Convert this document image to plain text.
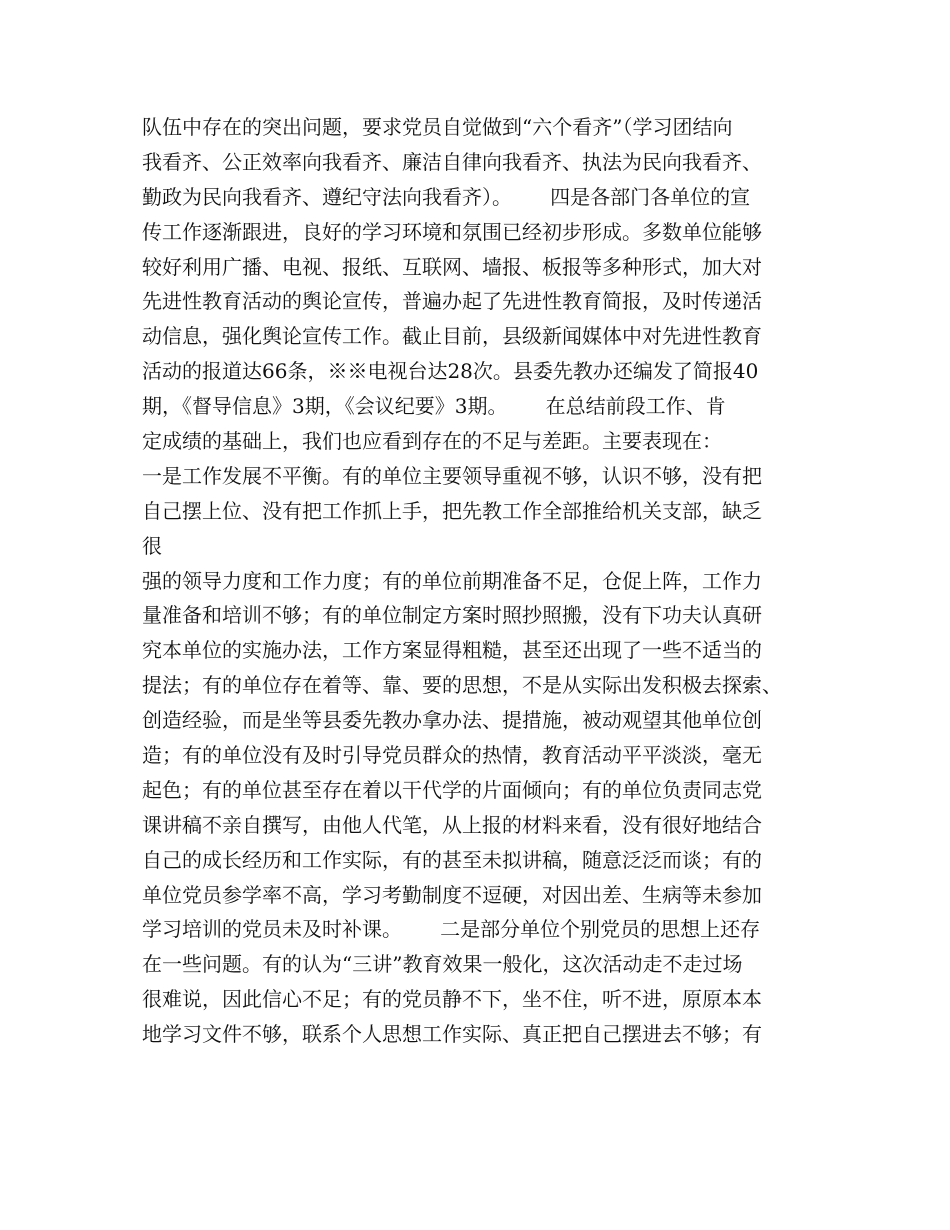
队伍中存在的突出问题，要求党员自觉做到“六个看齐”（学习团结向
我看齐、公正效率向我看齐、廉洁自律向我看齐、执法为民向我看齐、
勤政为民向我看齐、遵纪守法向我看齐）。      四是各部门各单位的宣
传工作逐渐跟进，良好的学习环境和氛围已经初步形成。多数单位能够
较好利用广播、电视、报纸、互联网、墙报、板报等多种形式，加大对
先进性教育活动的舆论宣传，普遍办起了先进性教育简报，及时传递活
动信息，强化舆论宣传工作。截止目前，县级新闻媒体中对先进性教育
活动的报道达66条，※※电视台达28次。县委先教办还编发了简报40
期，《督导信息》3期，《会议纪要》3期。      在总结前段工作、肯
定成绩的基础上，我们也应看到存在的不足与差距。主要表现在：
一是工作发展不平衡。有的单位主要领导重视不够，认识不够，没有把
自己摆上位、没有把工作抓上手，把先教工作全部推给机关支部，缺乏
很
强的领导力度和工作力度；有的单位前期准备不足，仓促上阵，工作力
量准备和培训不够；有的单位制定方案时照抄照搬，没有下功夫认真研
究本单位的实施办法，工作方案显得粗糙，甚至还出现了一些不适当的
提法；有的单位存在着等、靠、要的思想，不是从实际出发积极去探索、
创造经验，而是坐等县委先教办拿办法、提措施，被动观望其他单位创
造；有的单位没有及时引导党员群众的热情，教育活动平平淡淡，毫无
起色；有的单位甚至存在着以干代学的片面倾向；有的单位负责同志党
课讲稿不亲自撰写，由他人代笔，从上报的材料来看，没有很好地结合
自己的成长经历和工作实际，有的甚至未拟讲稿，随意泛泛而谈；有的
单位党员参学率不高，学习考勤制度不逗硬，对因出差、生病等未参加
学习培训的党员未及时补课。      二是部分单位个别党员的思想上还存
在一些问题。有的认为“三讲”教育效果一般化，这次活动走不走过场
很难说，因此信心不足；有的党员静不下，坐不住，听不进，原原本本
地学习文件不够，联系个人思想工作实际、真正把自己摆进去不够；有
